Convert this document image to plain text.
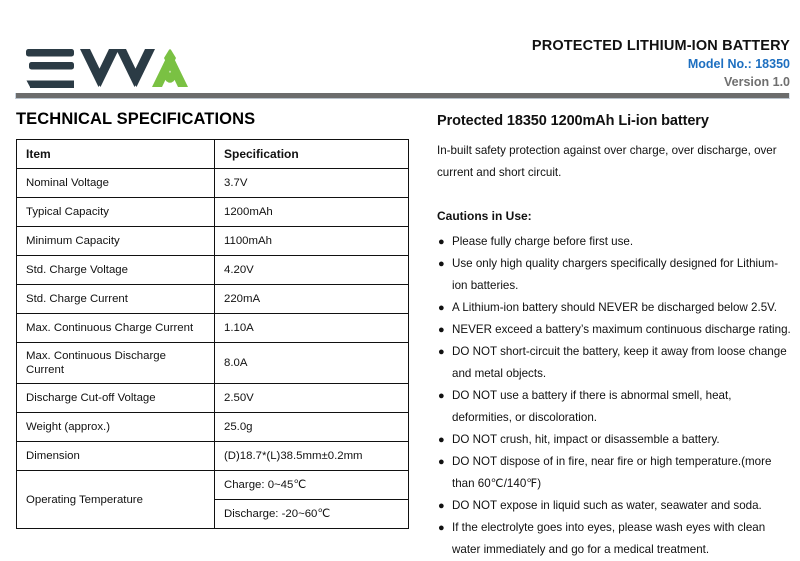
PROTECTED LITHIUM-ION BATTERY
Model No.: 18350
Version 1.0
TECHNICAL SPECIFICATIONS
Item	Specification
Nominal Voltage	3.7V
Typical Capacity	1200mAh
Minimum Capacity	1100mAh
Std. Charge Voltage	4.20V
Std. Charge Current	220mA
Max. Continuous Charge Current	1.10A
Max. Continuous Discharge Current	8.0A
Discharge Cut-off Voltage	2.50V
Weight (approx.)	25.0g
Dimension	(D)18.7*(L)38.5mm±0.2mm
Operating Temperature	Charge: 0~45℃
	Discharge: -20~60℃
Protected 18350 1200mAh Li-ion battery

In-built safety protection against over charge, over discharge, over current and short circuit.

Cautions in Use:
● Please fully charge before first use.
● Use only high quality chargers specifically designed for Lithium-ion batteries.
● A Lithium-ion battery should NEVER be discharged below 2.5V.
● NEVER exceed a battery’s maximum continuous discharge rating.
● DO NOT short-circuit the battery, keep it away from loose change and metal objects.
● DO NOT use a battery if there is abnormal smell, heat, deformities, or discoloration.
● DO NOT crush, hit, impact or disassemble a battery.
● DO NOT dispose of in fire, near fire or high temperature.(more than 60℃/140℉)
● DO NOT expose in liquid such as water, seawater and soda.
● If the electrolyte goes into eyes, please wash eyes with clean water immediately and go for a medical treatment.
